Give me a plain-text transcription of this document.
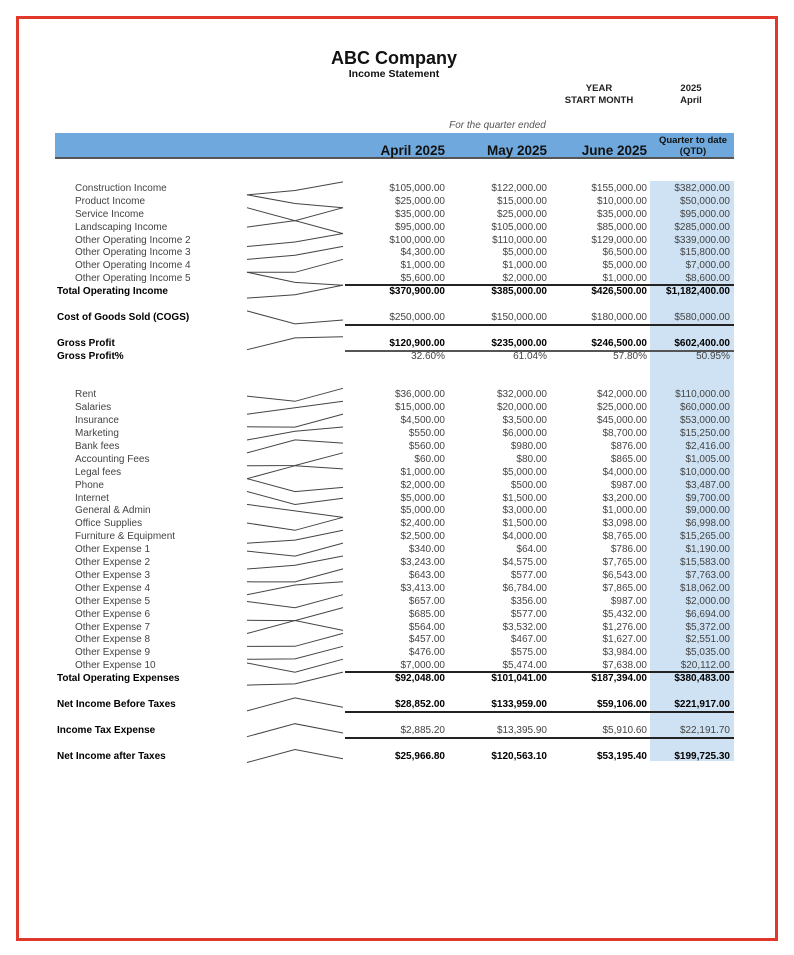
ABC Company
Income Statement
YEAR
START MONTH
2025
April
For the quarter ended
April 2025	May 2025	June 2025
Quarter to date
(QTD)
Construction Income	$105,000.00	$122,000.00	$155,000.00	$382,000.00
Product Income	$25,000.00	$15,000.00	$10,000.00	$50,000.00
Service Income	$35,000.00	$25,000.00	$35,000.00	$95,000.00
Landscaping Income	$95,000.00	$105,000.00	$85,000.00	$285,000.00
Other Operating Income 2	$100,000.00	$110,000.00	$129,000.00	$339,000.00
Other Operating Income 3	$4,300.00	$5,000.00	$6,500.00	$15,800.00
Other Operating Income 4	$1,000.00	$1,000.00	$5,000.00	$7,000.00
Other Operating Income 5	$5,600.00	$2,000.00	$1,000.00	$8,600.00
Total Operating Income	$370,900.00	$385,000.00	$426,500.00	$1,182,400.00
Cost of Goods Sold (COGS)	$250,000.00	$150,000.00	$180,000.00	$580,000.00
Gross Profit	$120,900.00	$235,000.00	$246,500.00	$602,400.00
Gross Profit%	32.60%	61.04%	57.80%	50.95%
Rent	$36,000.00	$32,000.00	$42,000.00	$110,000.00
Salaries	$15,000.00	$20,000.00	$25,000.00	$60,000.00
Insurance	$4,500.00	$3,500.00	$45,000.00	$53,000.00
Marketing	$550.00	$6,000.00	$8,700.00	$15,250.00
Bank fees	$560.00	$980.00	$876.00	$2,416.00
Accounting Fees	$60.00	$80.00	$865.00	$1,005.00
Legal fees	$1,000.00	$5,000.00	$4,000.00	$10,000.00
Phone	$2,000.00	$500.00	$987.00	$3,487.00
Internet	$5,000.00	$1,500.00	$3,200.00	$9,700.00
General & Admin	$5,000.00	$3,000.00	$1,000.00	$9,000.00
Office Supplies	$2,400.00	$1,500.00	$3,098.00	$6,998.00
Furniture & Equipment	$2,500.00	$4,000.00	$8,765.00	$15,265.00
Other Expense 1	$340.00	$64.00	$786.00	$1,190.00
Other Expense 2	$3,243.00	$4,575.00	$7,765.00	$15,583.00
Other Expense 3	$643.00	$577.00	$6,543.00	$7,763.00
Other Expense 4	$3,413.00	$6,784.00	$7,865.00	$18,062.00
Other Expense 5	$657.00	$356.00	$987.00	$2,000.00
Other Expense 6	$685.00	$577.00	$5,432.00	$6,694.00
Other Expense 7	$564.00	$3,532.00	$1,276.00	$5,372.00
Other Expense 8	$457.00	$467.00	$1,627.00	$2,551.00
Other Expense 9	$476.00	$575.00	$3,984.00	$5,035.00
Other Expense 10	$7,000.00	$5,474.00	$7,638.00	$20,112.00
Total Operating Expenses	$92,048.00	$101,041.00	$187,394.00	$380,483.00
Net Income Before Taxes	$28,852.00	$133,959.00	$59,106.00	$221,917.00
Income Tax Expense	$2,885.20	$13,395.90	$5,910.60	$22,191.70
Net Income after Taxes	$25,966.80	$120,563.10	$53,195.40	$199,725.30
